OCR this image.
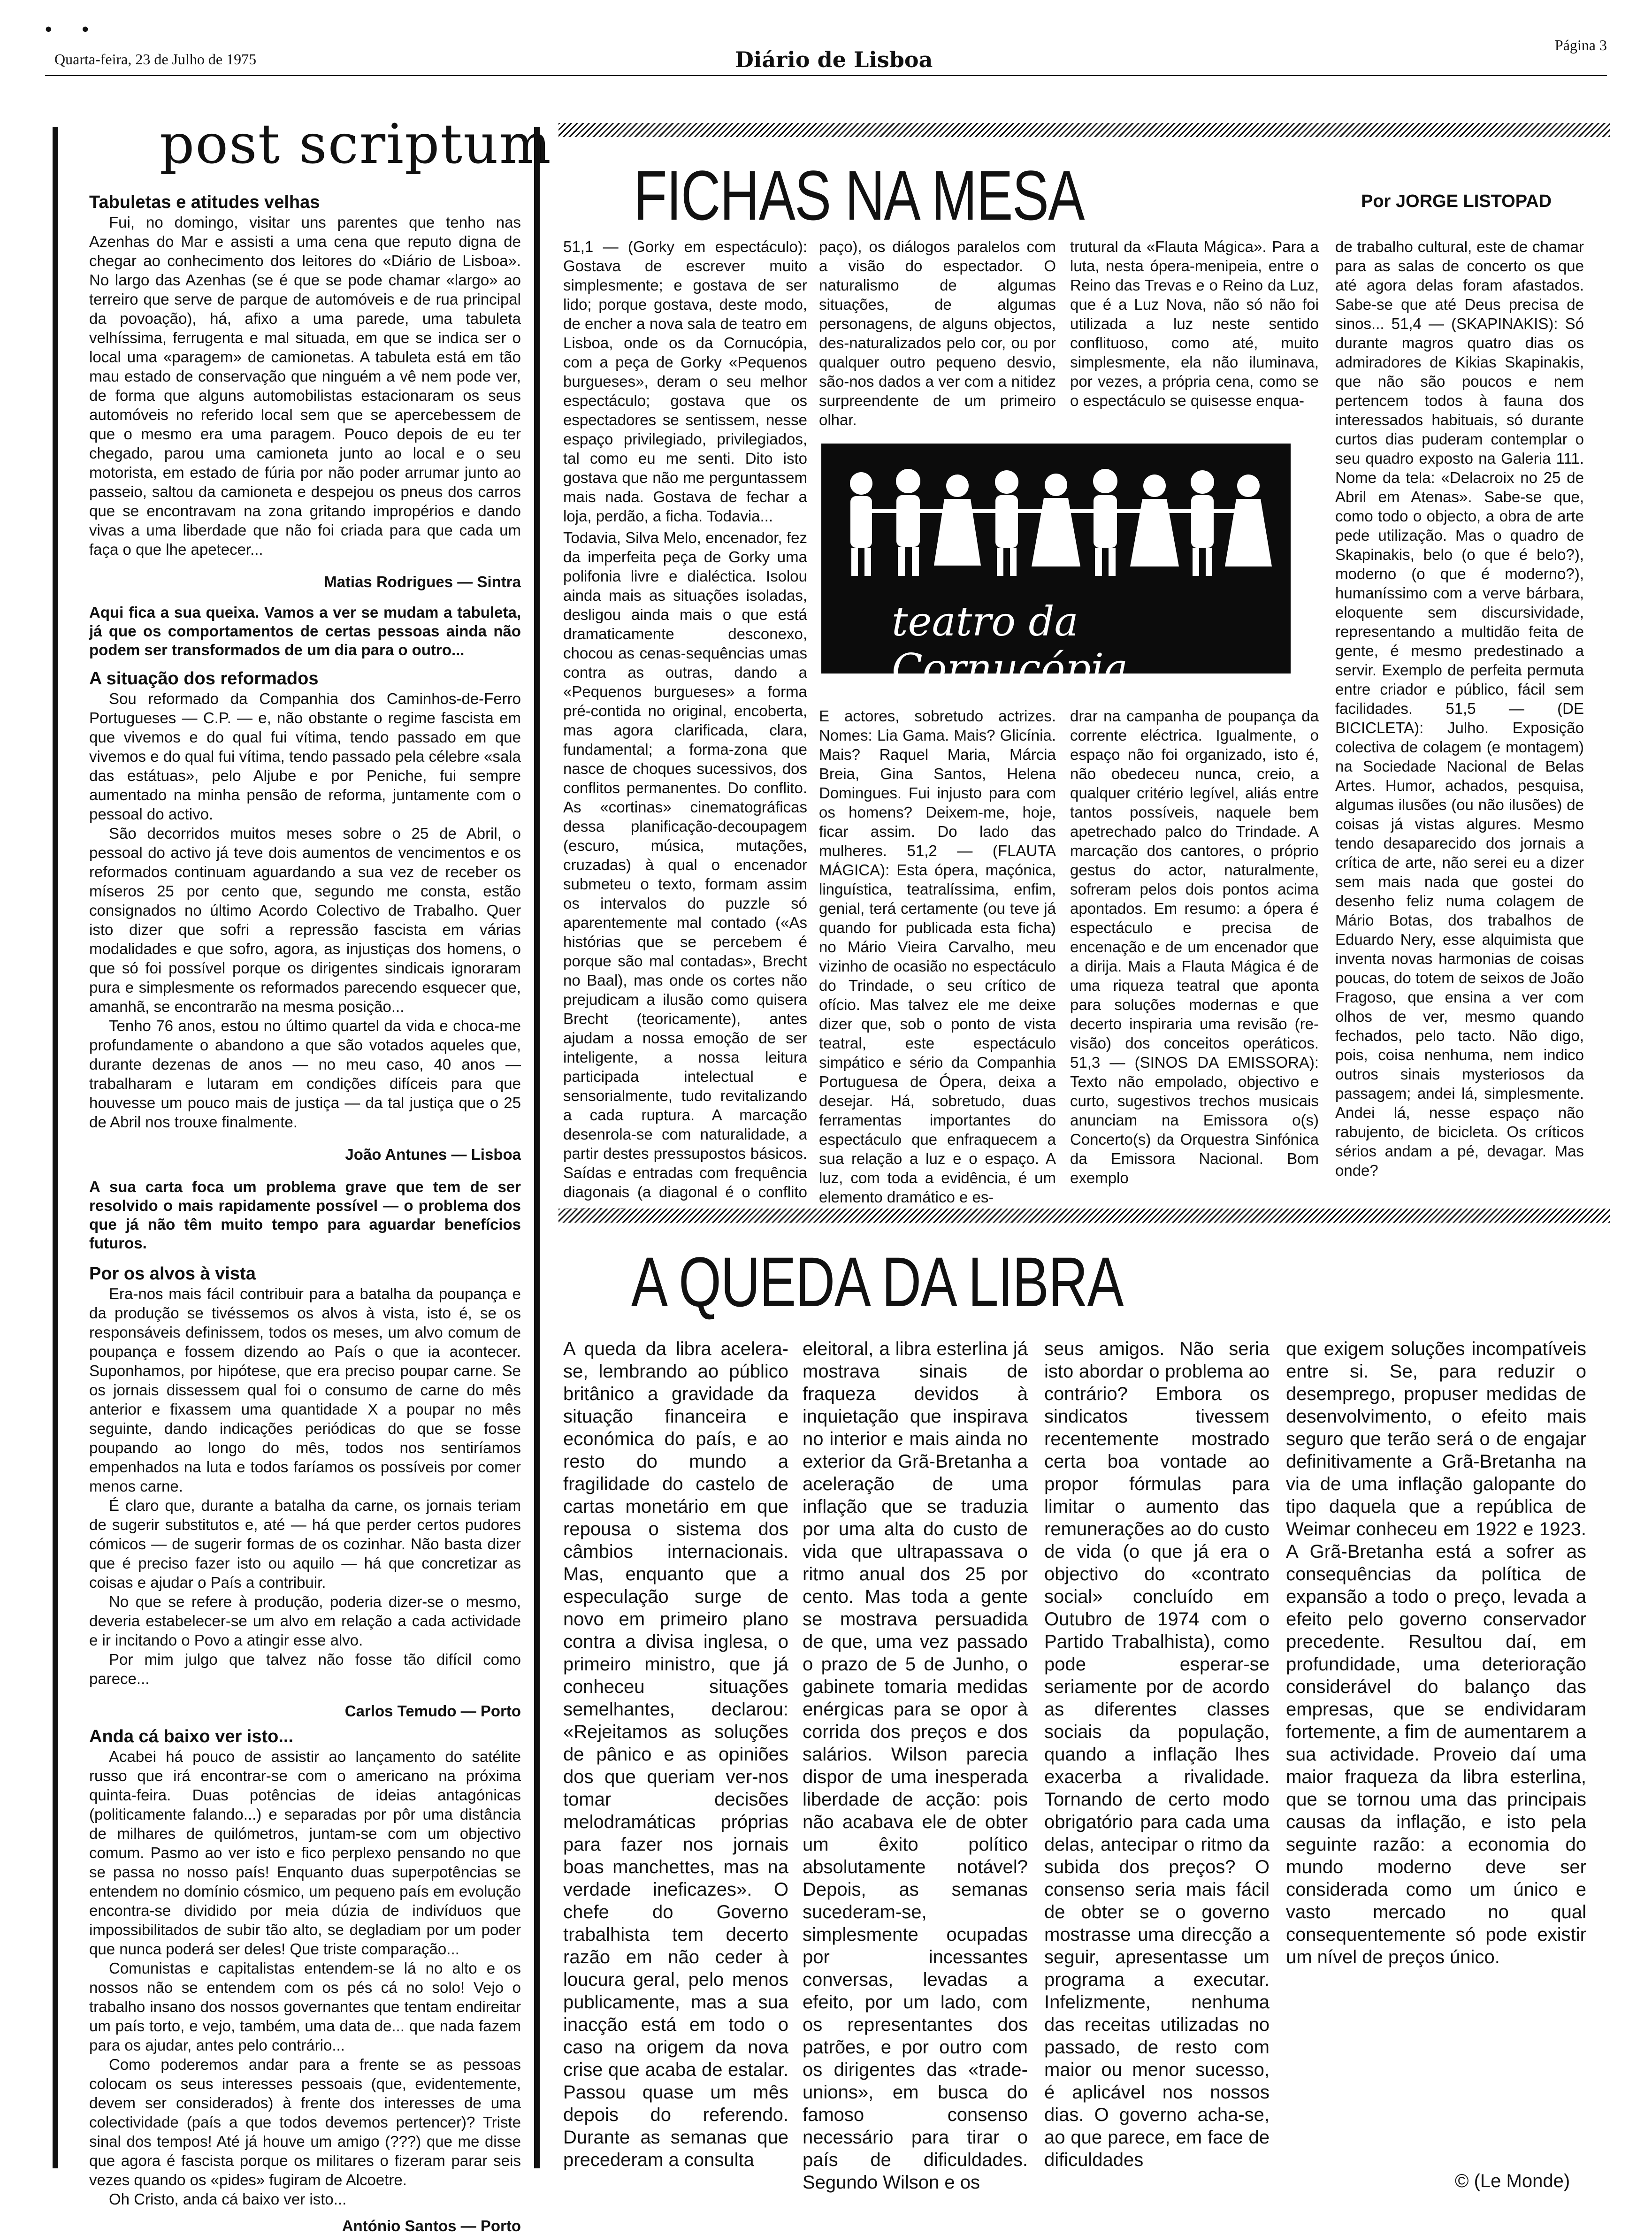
• •
Quarta-feira, 23 de Julho de 1975	Diário de Lisboa
Página 3
post scriptum
Tabuletas e atitudes velhas

Fui, no domingo, visitar uns parentes que tenho nas Azenhas do Mar e assisti a uma cena que reputo digna de chegar ao conhecimento dos leitores do «Diário de Lisboa». No largo das Azenhas (se é que se pode chamar «largo» ao terreiro que serve de parque de automóveis e de rua principal da povoação), há, afixo a uma parede, uma tabuleta velhíssima, ferrugenta e mal situada, em que se indica ser o local uma «paragem» de camionetas. A tabuleta está em tão mau estado de conservação que ninguém a vê nem pode ver, de forma que alguns automobilistas estacionaram os seus automóveis no referido local sem que se apercebessem de que o mesmo era uma paragem. Pouco depois de eu ter chegado, parou uma camioneta junto ao local e o seu motorista, em estado de fúria por não poder arrumar junto ao passeio, saltou da camioneta e despejou os pneus dos carros que se encontravam na zona gritando impropérios e dando vivas a uma liberdade que não foi criada para que cada um faça o que lhe apetecer...

Matias Rodrigues — Sintra
Aqui fica a sua queixa. Vamos a ver se mudam a tabuleta, já que os comportamentos de certas pessoas ainda não podem ser transformados de um dia para o outro...
A situação dos reformados

Sou reformado da Companhia dos Caminhos-de-Ferro Portugueses — C.P. — e, não obstante o regime fascista em que vivemos e do qual fui vítima, tendo passado em que vivemos e do qual fui vítima, tendo passado pela célebre «sala das estátuas», pelo Aljube e por Peniche, fui sempre aumentado na minha pensão de reforma, juntamente com o pessoal do activo.

São decorridos muitos meses sobre o 25 de Abril, o pessoal do activo já teve dois aumentos de vencimentos e os reformados continuam aguardando a sua vez de receber os míseros 25 por cento que, segundo me consta, estão consignados no último Acordo Colectivo de Trabalho. Quer isto dizer que sofri a repressão fascista em várias modalidades e que sofro, agora, as injustiças dos homens, o que só foi possível porque os dirigentes sindicais ignoraram pura e simplesmente os reformados parecendo esquecer que, amanhã, se encontrarão na mesma posição...

Tenho 76 anos, estou no último quartel da vida e choca-me profundamente o abandono a que são votados aqueles que, durante dezenas de anos — no meu caso, 40 anos — trabalharam e lutaram em condições difíceis para que houvesse um pouco mais de justiça — da tal justiça que o 25 de Abril nos trouxe finalmente.

João Antunes — Lisboa
A sua carta foca um problema grave que tem de ser resolvido o mais rapidamente possível — o problema dos que já não têm muito tempo para aguardar benefícios futuros.
Por os alvos à vista

Era-nos mais fácil contribuir para a batalha da poupança e da produção se tivéssemos os alvos à vista, isto é, se os responsáveis definissem, todos os meses, um alvo comum de poupança e fossem dizendo ao País o que ia acontecer. Suponhamos, por hipótese, que era preciso poupar carne. Se os jornais dissessem qual foi o consumo de carne do mês anterior e fixassem uma quantidade X a poupar no mês seguinte, dando indicações periódicas do que se fosse poupando ao longo do mês, todos nos sentiríamos empenhados na luta e todos faríamos os possíveis por comer menos carne.

É claro que, durante a batalha da carne, os jornais teriam de sugerir substitutos e, até — há que perder certos pudores cómicos — de sugerir formas de os cozinhar. Não basta dizer que é preciso fazer isto ou aquilo — há que concretizar as coisas e ajudar o País a contribuir.

No que se refere à produção, poderia dizer-se o mesmo, deveria estabelecer-se um alvo em relação a cada actividade e ir incitando o Povo a atingir esse alvo.

Por mim julgo que talvez não fosse tão difícil como parece...

Carlos Temudo — Porto
Anda cá baixo ver isto...

Acabei há pouco de assistir ao lançamento do satélite russo que irá encontrar-se com o americano na próxima quinta-feira. Duas potências de ideias antagónicas (politicamente falando...) e separadas por pôr uma distância de milhares de quilómetros, juntam-se com um objectivo comum. Pasmo ao ver isto e fico perplexo pensando no que se passa no nosso país! Enquanto duas superpotências se entendem no domínio cósmico, um pequeno país em evolução encontra-se dividido por meia dúzia de indivíduos que impossibilitados de subir tão alto, se degladiam por um poder que nunca poderá ser deles! Que triste comparação...

Comunistas e capitalistas entendem-se lá no alto e os nossos não se entendem com os pés cá no solo! Vejo o trabalho insano dos nossos governantes que tentam endireitar um país torto, e vejo, também, uma data de... que nada fazem para os ajudar, antes pelo contrário...

Como poderemos andar para a frente se as pessoas colocam os seus interesses pessoais (que, evidentemente, devem ser considerados) à frente dos interesses de uma colectividade (país a que todos devemos pertencer)? Triste sinal dos tempos! Até já houve um amigo (???) que me disse que agora é fascista porque os militares o fizeram parar seis vezes quando os «pides» fugiram de Alcoetre.

Oh Cristo, anda cá baixo ver isto...

António Santos — Porto
FICHAS NA MESA	Por JORGE LISTOPAD
51,1 — (Gorky em espectáculo): Gostava de escrever muito simplesmente; e gostava de ser lido; porque gostava, deste modo, de encher a nova sala de teatro em Lisboa, onde os da Cornucópia, com a peça de Gorky «Pequenos burgueses», deram o seu melhor espectáculo; gostava que os espectadores se sentissem, nesse espaço privilegiado, privilegiados, tal como eu me senti. Dito isto gostava que não me perguntassem mais nada. Gostava de fechar a loja, perdão, a ficha. Todavia...
paço), os diálogos paralelos com a visão do espectador. O naturalismo de algumas situações, de algumas personagens, de alguns objectos, des-naturalizados pelo cor, ou por qualquer outro pequeno desvio, são-nos dados a ver com a nitidez surpreendente de um primeiro olhar.
trutural da «Flauta Mágica». Para a luta, nesta ópera-menipeia, entre o Reino das Trevas e o Reino da Luz, que é a Luz Nova, não só não foi utilizada a luz neste sentido conflituoso, como até, muito simplesmente, ela não iluminava, por vezes, a própria cena, como se o espectáculo se quisesse enqua-
teatro da Cornucópia
Todavia, Silva Melo, encenador, fez da imperfeita peça de Gorky uma polifonia livre e dialéctica. Isolou ainda mais as situações isoladas, desligou ainda mais o que está dramaticamente desconexo, chocou as cenas-sequências umas contra as outras, dando a «Pequenos burgueses» a forma pré-contida no original, encoberta, mas agora clarificada, clara, fundamental; a forma-zona que nasce de choques sucessivos, dos conflitos permanentes. Do conflito. As «cortinas» cinematográficas dessa planificação-decoupagem (escuro, música, mutações, cruzadas) à qual o encenador submeteu o texto, formam assim os intervalos do puzzle só aparentemente mal contado («As histórias que se percebem é porque são mal contadas», Brecht no Baal), mas onde os cortes não prejudicam a ilusão como quisera Brecht (teoricamente), antes ajudam a nossa emoção de ser inteligente, a nossa leitura participada intelectual e sensorialmente, tudo revitalizando a cada ruptura. A marcação desenrola-se com naturalidade, a partir destes pressupostos básicos. Saídas e entradas com frequência diagonais (a diagonal é o conflito
E actores, sobretudo actrizes. Nomes: Lia Gama. Mais? Glicínia. Mais? Raquel Maria, Márcia Breia, Gina Santos, Helena Domingues. Fui injusto para com os homens? Deixem-me, hoje, ficar assim. Do lado das mulheres. 51,2 — (FLAUTA MÁGICA): Esta ópera, maçónica, linguística, teatralíssima, enfim, genial, terá certamente (ou teve já quando for publicada esta ficha) no Mário Vieira Carvalho, meu vizinho de ocasião no espectáculo do Trindade, o seu crítico de ofício. Mas talvez ele me deixe dizer que, sob o ponto de vista teatral, este espectáculo simpático e sério da Companhia Portuguesa de Ópera, deixa a desejar. Há, sobretudo, duas ferramentas importantes do espectáculo que enfraquecem a sua relação a luz e o espaço. A luz, com toda a evidência, é um elemento dramático e es-
drar na campanha de poupança da corrente eléctrica. Igualmente, o espaço não foi organizado, isto é, não obedeceu nunca, creio, a qualquer critério legível, aliás entre tantos possíveis, naquele bem apetrechado palco do Trindade. A marcação dos cantores, o próprio gestus do actor, naturalmente, sofreram pelos dois pontos acima apontados. Em resumo: a ópera é espectáculo e precisa de encenação e de um encenador que a dirija. Mais a Flauta Mágica é de uma riqueza teatral que aponta para soluções modernas e que decerto inspiraria uma revisão (re-visão) dos conceitos operáticos. 51,3 — (SINOS DA EMISSORA): Texto não empolado, objectivo e curto, sugestivos trechos musicais anunciam na Emissora o(s) Concerto(s) da Orquestra Sinfónica da Emissora Nacional. Bom exemplo
de trabalho cultural, este de chamar para as salas de concerto os que até agora delas foram afastados. Sabe-se que até Deus precisa de sinos... 51,4 — (SKAPINAKIS): Só durante magros quatro dias os admiradores de Kikias Skapinakis, que não são poucos e nem pertencem todos à fauna dos interessados habituais, só durante curtos dias puderam contemplar o seu quadro exposto na Galeria 111. Nome da tela: «Delacroix no 25 de Abril em Atenas». Sabe-se que, como todo o objecto, a obra de arte pede utilização. Mas o quadro de Skapinakis, belo (o que é belo?), moderno (o que é moderno?), humaníssimo com a verve bárbara, eloquente sem discursividade, representando a multidão feita de gente, é mesmo predestinado a servir. Exemplo de perfeita permuta entre criador e público, fácil sem facilidades. 51,5 — (DE BICICLETA): Julho. Exposição colectiva de colagem (e montagem) na Sociedade Nacional de Belas Artes. Humor, achados, pesquisa, algumas ilusões (ou não ilusões) de coisas já vistas algures. Mesmo tendo desaparecido dos jornais a crítica de arte, não serei eu a dizer sem mais nada que gostei do desenho feliz numa colagem de Mário Botas, dos trabalhos de Eduardo Nery, esse alquimista que inventa novas harmonias de coisas poucas, do totem de seixos de João Fragoso, que ensina a ver com olhos de ver, mesmo quando fechados, pelo tacto. Não digo, pois, coisa nenhuma, nem indico outros sinais mysteriosos da passagem; andei lá, simplesmente. Andei lá, nesse espaço não rabujento, de bicicleta. Os críticos sérios andam a pé, devagar. Mas onde?
A QUEDA DA LIBRA
A queda da libra acelera-se, lembrando ao público britânico a gravidade da situação financeira e económica do país, e ao resto do mundo a fragilidade do castelo de cartas monetário em que repousa o sistema dos câmbios internacionais. Mas, enquanto que a especulação surge de novo em primeiro plano contra a divisa inglesa, o primeiro ministro, que já conheceu situações semelhantes, declarou: «Rejeitamos as soluções de pânico e as opiniões dos que queriam ver-nos tomar decisões melodramáticas próprias para fazer nos jornais boas manchettes, mas na verdade ineficazes». O chefe do Governo trabalhista tem decerto razão em não ceder à loucura geral, pelo menos publicamente, mas a sua inacção está em todo o caso na origem da nova crise que acaba de estalar. Passou quase um mês depois do referendo. Durante as semanas que precederam a consulta
eleitoral, a libra esterlina já mostrava sinais de fraqueza devidos à inquietação que inspirava no interior e mais ainda no exterior da Grã-Bretanha a aceleração de uma inflação que se traduzia por uma alta do custo de vida que ultrapassava o ritmo anual dos 25 por cento. Mas toda a gente se mostrava persuadida de que, uma vez passado o prazo de 5 de Junho, o gabinete tomaria medidas enérgicas para se opor à corrida dos preços e dos salários. Wilson parecia dispor de uma inesperada liberdade de acção: pois não acabava ele de obter um êxito político absolutamente notável? Depois, as semanas sucederam-se, simplesmente ocupadas por incessantes conversas, levadas a efeito, por um lado, com os representantes dos patrões, e por outro com os dirigentes das «trade-unions», em busca do famoso consenso necessário para tirar o país de dificuldades. Segundo Wilson e os
seus amigos. Não seria isto abordar o problema ao contrário? Embora os sindicatos tivessem recentemente mostrado certa boa vontade ao propor fórmulas para limitar o aumento das remunerações ao do custo de vida (o que já era o objectivo do «contrato social» concluído em Outubro de 1974 com o Partido Trabalhista), como pode esperar-se seriamente por de acordo as diferentes classes sociais da população, quando a inflação lhes exacerba a rivalidade. Tornando de certo modo obrigatório para cada uma delas, antecipar o ritmo da subida dos preços? O consenso seria mais fácil de obter se o governo mostrasse uma direcção a seguir, apresentasse um programa a executar. Infelizmente, nenhuma das receitas utilizadas no passado, de resto com maior ou menor sucesso, é aplicável nos nossos dias. O governo acha-se, ao que parece, em face de dificuldades
que exigem soluções incompatíveis entre si. Se, para reduzir o desemprego, propuser medidas de desenvolvimento, o efeito mais seguro que terão será o de engajar definitivamente a Grã-Bretanha na via de uma inflação galopante do tipo daquela que a república de Weimar conheceu em 1922 e 1923. A Grã-Bretanha está a sofrer as consequências da política de expansão a todo o preço, levada a efeito pelo governo conservador precedente. Resultou daí, em profundidade, uma deterioração considerável do balanço das empresas, que se endividaram fortemente, a fim de aumentarem a sua actividade. Proveio daí uma maior fraqueza da libra esterlina, que se tornou uma das principais causas da inflação, e isto pela seguinte razão: a economia do mundo moderno deve ser considerada como um único e vasto mercado no qual consequentemente só pode existir um nível de preços único.
© (Le Monde)
